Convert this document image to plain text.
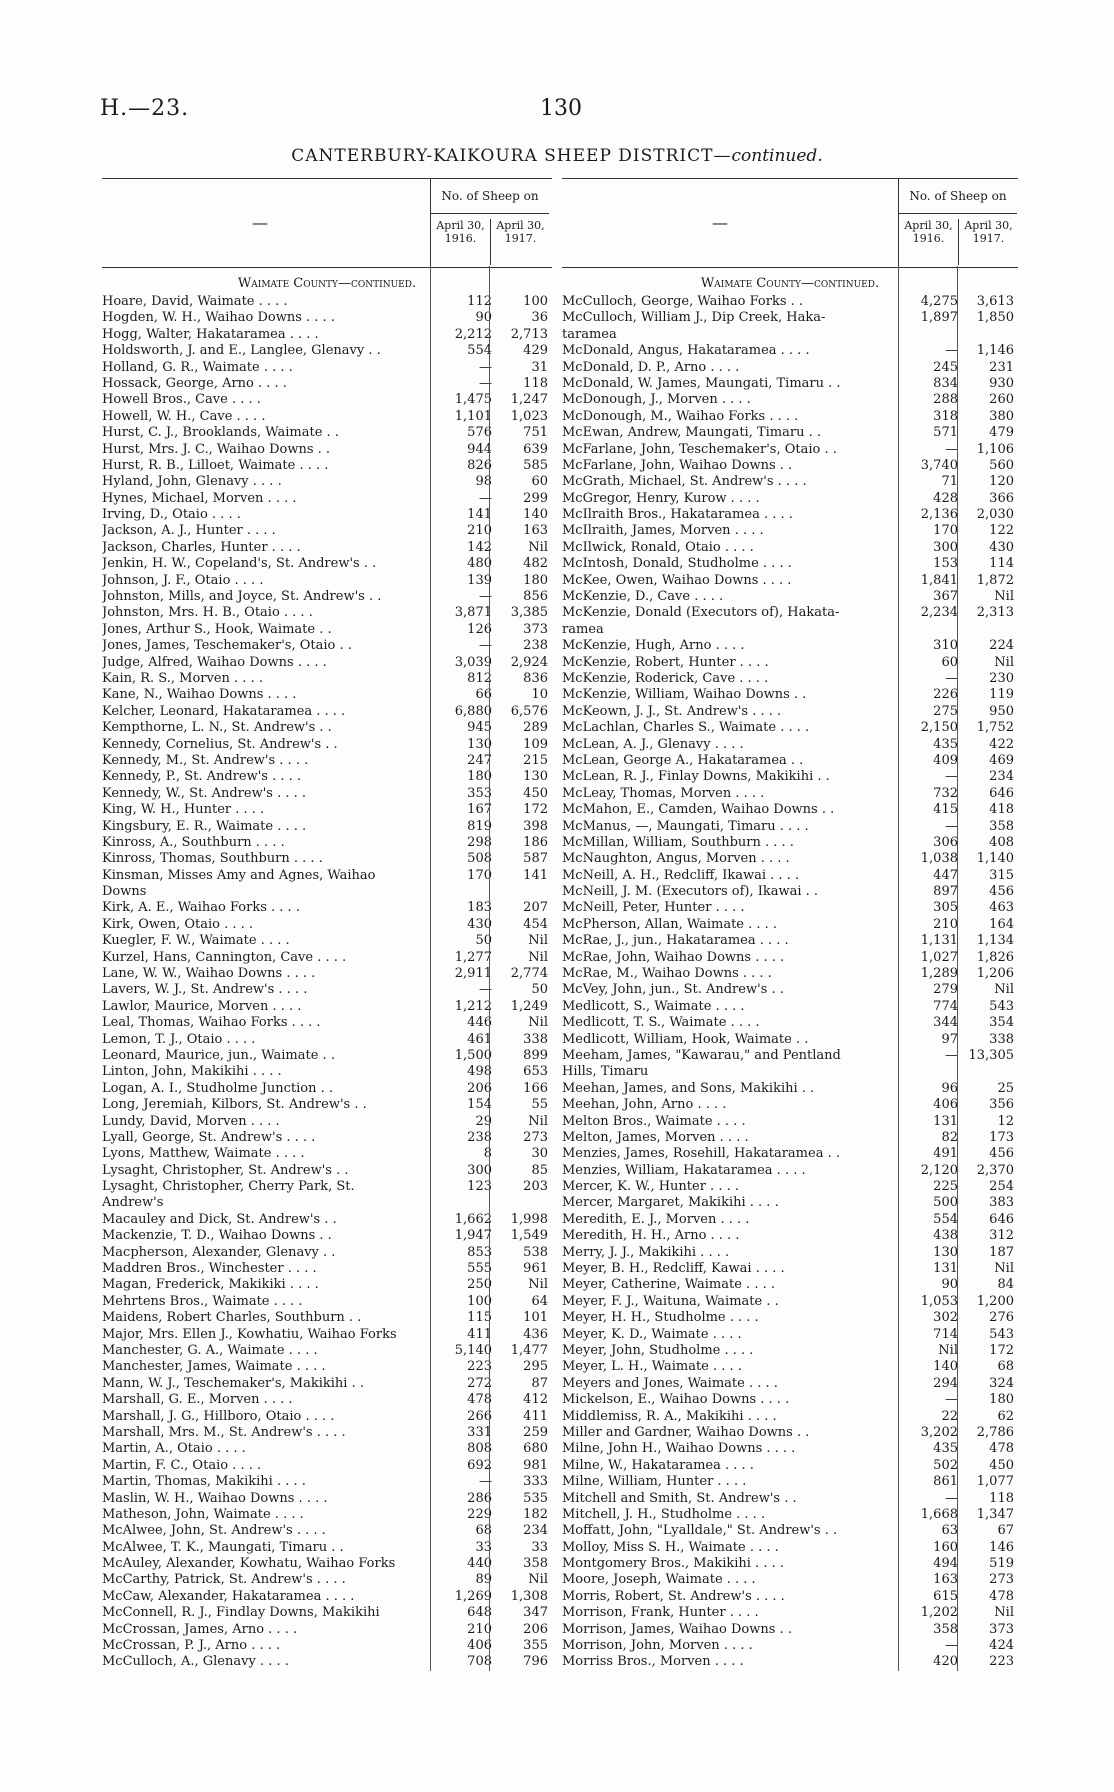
H.—23.	130
CANTERBURY-KAIKOURA SHEEP DISTRICT—continued.
—
No. of Sheep on
April 30, 1916.
April 30, 1917.
Waimate County—continued.
Hoare, David, Waimate . . . .	112	100
Hogden, W. H., Waihao Downs . . . .	90	36
Hogg, Walter, Hakataramea . . . .	2,212	2,713
Holdsworth, J. and E., Langlee, Glenavy . .	554	429
Holland, G. R., Waimate . . . .	—	31
Hossack, George, Arno . . . .	—	118
Howell Bros., Cave . . . .	1,475	1,247
Howell, W. H., Cave . . . .	1,101	1,023
Hurst, C. J., Brooklands, Waimate . .	576	751
Hurst, Mrs. J. C., Waihao Downs . .	944	639
Hurst, R. B., Lilloet, Waimate . . . .	826	585
Hyland, John, Glenavy . . . .	98	60
Hynes, Michael, Morven . . . .	—	299
Irving, D., Otaio . . . .	141	140
Jackson, A. J., Hunter . . . .	210	163
Jackson, Charles, Hunter . . . .	142	Nil
Jenkin, H. W., Copeland's, St. Andrew's . .	480	482
Johnson, J. F., Otaio . . . .	139	180
Johnston, Mills, and Joyce, St. Andrew's . .	—	856
Johnston, Mrs. H. B., Otaio . . . .	3,871	3,385
Jones, Arthur S., Hook, Waimate . .	126	373
Jones, James, Teschemaker's, Otaio . .	—	238
Judge, Alfred, Waihao Downs . . . .	3,039	2,924
Kain, R. S., Morven . . . .	812	836
Kane, N., Waihao Downs . . . .	66	10
Kelcher, Leonard, Hakataramea . . . .	6,880	6,576
Kempthorne, L. N., St. Andrew's . .	945	289
Kennedy, Cornelius, St. Andrew's . .	130	109
Kennedy, M., St. Andrew's . . . .	247	215
Kennedy, P., St. Andrew's . . . .	180	130
Kennedy, W., St. Andrew's . . . .	353	450
King, W. H., Hunter . . . .	167	172
Kingsbury, E. R., Waimate . . . .	819	398
Kinross, A., Southburn . . . .	298	186
Kinross, Thomas, Southburn . . . .	508	587
Kinsman, Misses Amy and Agnes, Waihao	170	141
Downs
Kirk, A. E., Waihao Forks . . . .	183	207
Kirk, Owen, Otaio . . . .	430	454
Kuegler, F. W., Waimate . . . .	50	Nil
Kurzel, Hans, Cannington, Cave . . . .	1,277	Nil
Lane, W. W., Waihao Downs . . . .	2,911	2,774
Lavers, W. J., St. Andrew's . . . .	—	50
Lawlor, Maurice, Morven . . . .	1,212	1,249
Leal, Thomas, Waihao Forks . . . .	446	Nil
Lemon, T. J., Otaio . . . .	461	338
Leonard, Maurice, jun., Waimate . .	1,500	899
Linton, John, Makikihi . . . .	498	653
Logan, A. I., Studholme Junction . .	206	166
Long, Jeremiah, Kilbors, St. Andrew's . .	154	55
Lundy, David, Morven . . . .	29	Nil
Lyall, George, St. Andrew's . . . .	238	273
Lyons, Matthew, Waimate . . . .	8	30
Lysaght, Christopher, St. Andrew's . .	300	85
Lysaght, Christopher, Cherry Park, St.	123	203
Andrew's
Macauley and Dick, St. Andrew's . .	1,662	1,998
Mackenzie, T. D., Waihao Downs . .	1,947	1,549
Macpherson, Alexander, Glenavy . .	853	538
Maddren Bros., Winchester . . . .	555	961
Magan, Frederick, Makikiki . . . .	250	Nil
Mehrtens Bros., Waimate . . . .	100	64
Maidens, Robert Charles, Southburn . .	115	101
Major, Mrs. Ellen J., Kowhatiu, Waihao Forks	411	436
Manchester, G. A., Waimate . . . .	5,140	1,477
Manchester, James, Waimate . . . .	223	295
Mann, W. J., Teschemaker's, Makikihi . .	272	87
Marshall, G. E., Morven . . . .	478	412
Marshall, J. G., Hillboro, Otaio . . . .	266	411
Marshall, Mrs. M., St. Andrew's . . . .	331	259
Martin, A., Otaio . . . .	808	680
Martin, F. C., Otaio . . . .	692	981
Martin, Thomas, Makikihi . . . .	—	333
Maslin, W. H., Waihao Downs . . . .	286	535
Matheson, John, Waimate . . . .	229	182
McAlwee, John, St. Andrew's . . . .	68	234
McAlwee, T. K., Maungati, Timaru . .	33	33
McAuley, Alexander, Kowhatu, Waihao Forks	440	358
McCarthy, Patrick, St. Andrew's . . . .	89	Nil
McCaw, Alexander, Hakataramea . . . .	1,269	1,308
McConnell, R. J., Findlay Downs, Makikihi	648	347
McCrossan, James, Arno . . . .	210	206
McCrossan, P. J., Arno . . . .	406	355
McCulloch, A., Glenavy . . . .	708	796
—
No. of Sheep on
April 30, 1916.
April 30, 1917.
Waimate County—continued.
McCulloch, George, Waihao Forks . .	4,275	3,613
McCulloch, William J., Dip Creek, Haka-	1,897	1,850
taramea
McDonald, Angus, Hakataramea . . . .	—	1,146
McDonald, D. P., Arno . . . .	245	231
McDonald, W. James, Maungati, Timaru . .	834	930
McDonough, J., Morven . . . .	288	260
McDonough, M., Waihao Forks . . . .	318	380
McEwan, Andrew, Maungati, Timaru . .	571	479
McFarlane, John, Teschemaker's, Otaio . .	—	1,106
McFarlane, John, Waihao Downs . .	3,740	560
McGrath, Michael, St. Andrew's . . . .	71	120
McGregor, Henry, Kurow . . . .	428	366
McIlraith Bros., Hakataramea . . . .	2,136	2,030
McIlraith, James, Morven . . . .	170	122
McIlwick, Ronald, Otaio . . . .	300	430
McIntosh, Donald, Studholme . . . .	153	114
McKee, Owen, Waihao Downs . . . .	1,841	1,872
McKenzie, D., Cave . . . .	367	Nil
McKenzie, Donald (Executors of), Hakata-	2,234	2,313
ramea
McKenzie, Hugh, Arno . . . .	310	224
McKenzie, Robert, Hunter . . . .	60	Nil
McKenzie, Roderick, Cave . . . .	—	230
McKenzie, William, Waihao Downs . .	226	119
McKeown, J. J., St. Andrew's . . . .	275	950
McLachlan, Charles S., Waimate . . . .	2,150	1,752
McLean, A. J., Glenavy . . . .	435	422
McLean, George A., Hakataramea . .	409	469
McLean, R. J., Finlay Downs, Makikihi . .	—	234
McLeay, Thomas, Morven . . . .	732	646
McMahon, E., Camden, Waihao Downs . .	415	418
McManus, —, Maungati, Timaru . . . .	—	358
McMillan, William, Southburn . . . .	306	408
McNaughton, Angus, Morven . . . .	1,038	1,140
McNeill, A. H., Redcliff, Ikawai . . . .	447	315
McNeill, J. M. (Executors of), Ikawai . .	897	456
McNeill, Peter, Hunter . . . .	305	463
McPherson, Allan, Waimate . . . .	210	164
McRae, J., jun., Hakataramea . . . .	1,131	1,134
McRae, John, Waihao Downs . . . .	1,027	1,826
McRae, M., Waihao Downs . . . .	1,289	1,206
McVey, John, jun., St. Andrew's . .	279	Nil
Medlicott, S., Waimate . . . .	774	543
Medlicott, T. S., Waimate . . . .	344	354
Medlicott, William, Hook, Waimate . .	97	338
Meeham, James, "Kawarau," and Pentland	— 13,305
Hills, Timaru
Meehan, James, and Sons, Makikihi . .	96	25
Meehan, John, Arno . . . .	406	356
Melton Bros., Waimate . . . .	131	12
Melton, James, Morven . . . .	82	173
Menzies, James, Rosehill, Hakataramea . .	491	456
Menzies, William, Hakataramea . . . .	2,120	2,370
Mercer, K. W., Hunter . . . .	225	254
Mercer, Margaret, Makikihi . . . .	500	383
Meredith, E. J., Morven . . . .	554	646
Meredith, H. H., Arno . . . .	438	312
Merry, J. J., Makikihi . . . .	130	187
Meyer, B. H., Redcliff, Kawai . . . .	131	Nil
Meyer, Catherine, Waimate . . . .	90	84
Meyer, F. J., Waituna, Waimate . .	1,053	1,200
Meyer, H. H., Studholme . . . .	302	276
Meyer, K. D., Waimate . . . .	714	543
Meyer, John, Studholme . . . .	Nil	172
Meyer, L. H., Waimate . . . .	140	68
Meyers and Jones, Waimate . . . .	294	324
Mickelson, E., Waihao Downs . . . .	—	180
Middlemiss, R. A., Makikihi . . . .	22	62
Miller and Gardner, Waihao Downs . .	3,202	2,786
Milne, John H., Waihao Downs . . . .	435	478
Milne, W., Hakataramea . . . .	502	450
Milne, William, Hunter . . . .	861	1,077
Mitchell and Smith, St. Andrew's . .	—	118
Mitchell, J. H., Studholme . . . .	1,668	1,347
Moffatt, John, "Lyalldale," St. Andrew's . .	63	67
Molloy, Miss S. H., Waimate . . . .	160	146
Montgomery Bros., Makikihi . . . .	494	519
Moore, Joseph, Waimate . . . .	163	273
Morris, Robert, St. Andrew's . . . .	615	478
Morrison, Frank, Hunter . . . .	1,202	Nil
Morrison, James, Waihao Downs . .	358	373
Morrison, John, Morven . . . .	—	424
Morriss Bros., Morven . . . .	420	223
